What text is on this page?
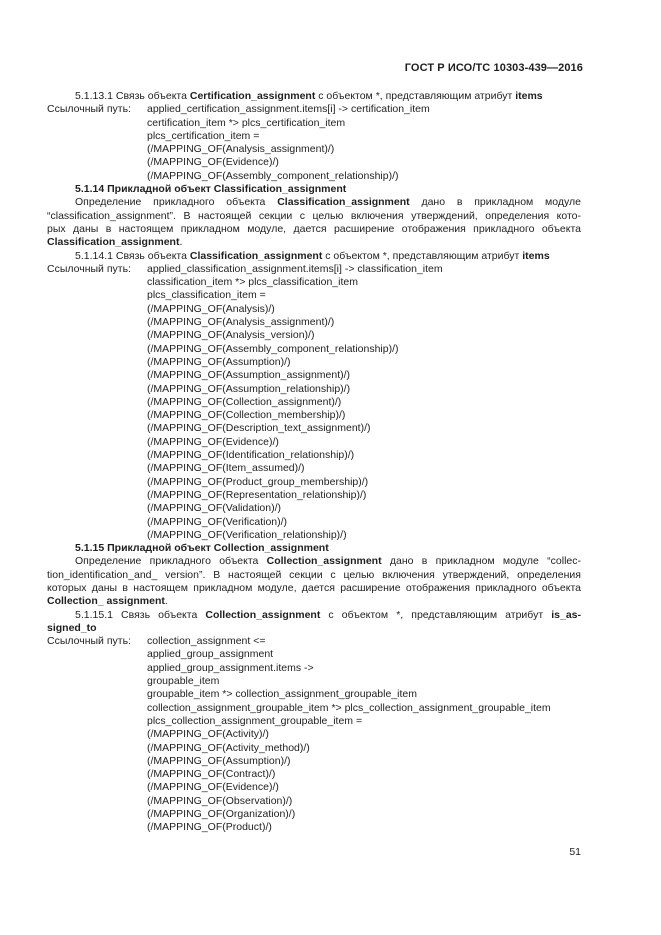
ГОСТ Р ИСО/ТС 10303-439—2016
5.1.13.1 Связь объекта Certification_assignment с объектом *, представляющим атрибут items
Ссылочный путь:	applied_certification_assignment.items[i] -> certification_item
certification_item *> plcs_certification_item
plcs_certification_item =
(/MAPPING_OF(Analysis_assignment)/)
(/MAPPING_OF(Evidence)/)
(/MAPPING_OF(Assembly_component_relationship)/)
5.1.14 Прикладной объект Classification_assignment
Определение прикладного объекта Classification_assignment дано в прикладном модуле
“classification_assignment”. В настоящей секции с целью включения утверждений, определения кото-
рых даны в настоящем прикладном модуле, дается расширение отображения прикладного объекта
Classification_assignment.
5.1.14.1 Связь объекта Classification_assignment с объектом *, представляющим атрибут items
Ссылочный путь:	applied_classification_assignment.items[i] -> classification_item
classification_item *> plcs_classification_item
plcs_classification_item =
(/MAPPING_OF(Analysis)/)
(/MAPPING_OF(Analysis_assignment)/)
(/MAPPING_OF(Analysis_version)/)
(/MAPPING_OF(Assembly_component_relationship)/)
(/MAPPING_OF(Assumption)/)
(/MAPPING_OF(Assumption_assignment)/)
(/MAPPING_OF(Assumption_relationship)/)
(/MAPPING_OF(Collection_assignment)/)
(/MAPPING_OF(Collection_membership)/)
(/MAPPING_OF(Description_text_assignment)/)
(/MAPPING_OF(Evidence)/)
(/MAPPING_OF(Identification_relationship)/)
(/MAPPING_OF(Item_assumed)/)
(/MAPPING_OF(Product_group_membership)/)
(/MAPPING_OF(Representation_relationship)/)
(/MAPPING_OF(Validation)/)
(/MAPPING_OF(Verification)/)
(/MAPPING_OF(Verification_relationship)/)
5.1.15 Прикладной объект Collection_assignment
Определение прикладного объекта Collection_assignment дано в прикладном модуле “collec-
tion_identification_and_ version”. В настоящей секции с целью включения утверждений, определения
которых даны в настоящем прикладном модуле, дается расширение отображения прикладного объекта
Collection_ assignment.
5.1.15.1 Связь объекта Collection_assignment с объектом *, представляющим атрибут is_as-
signed_to
Ссылочный путь:	collection_assignment <=
applied_group_assignment
applied_group_assignment.items ->
groupable_item
groupable_item *> collection_assignment_groupable_item
collection_assignment_groupable_item *> plcs_collection_assignment_groupable_item
plcs_collection_assignment_groupable_item =
(/MAPPING_OF(Activity)/)
(/MAPPING_OF(Activity_method)/)
(/MAPPING_OF(Assumption)/)
(/MAPPING_OF(Contract)/)
(/MAPPING_OF(Evidence)/)
(/MAPPING_OF(Observation)/)
(/MAPPING_OF(Organization)/)
(/MAPPING_OF(Product)/)
51
